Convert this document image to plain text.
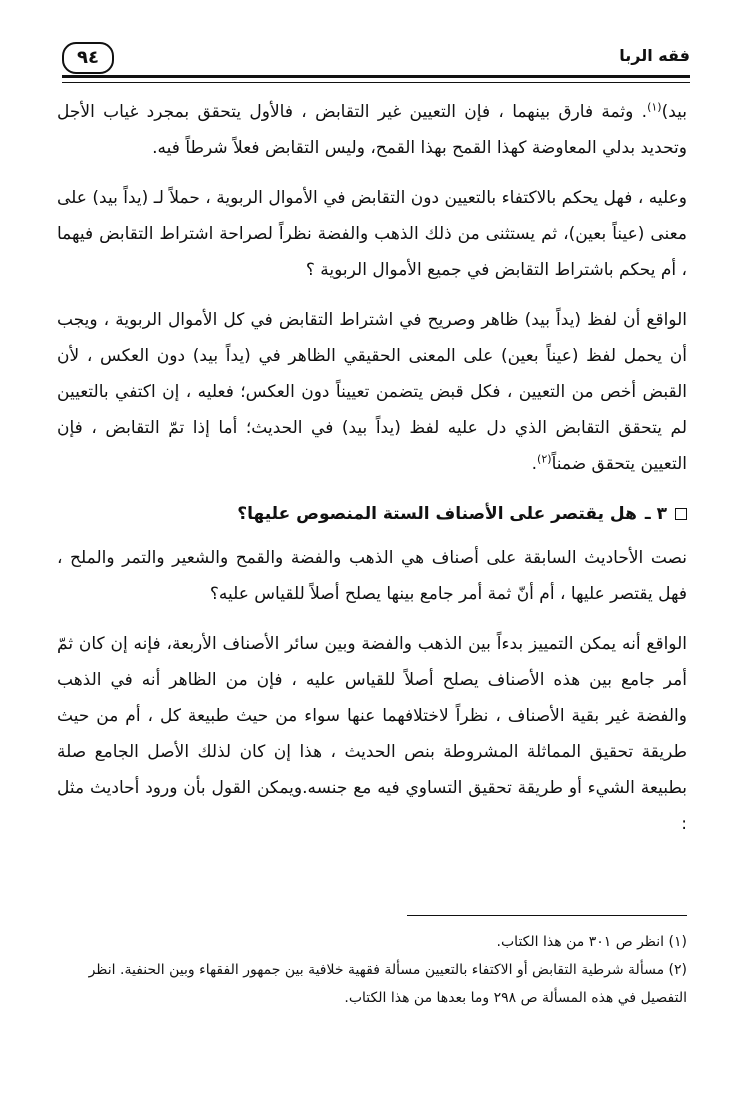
٩٤	فقه الربا

بيد)$^{(١)}$. وثمة فارق بينهما ، فإن التعيين غير التقابض ، فالأول يتحقق بمجرد غياب الأجل وتحديد بدلي المعاوضة كهذا القمح بهذا القمح، وليس التقابض فعلاً شرطاً فيه.

وعليه ، فهل يحكم بالاكتفاء بالتعيين دون التقابض في الأموال الربوية ، حملاً لـ (يداً بيد) على معنى (عيناً بعين)، ثم يستثنى من ذلك الذهب والفضة نظراً لصراحة اشتراط التقابض فيهما ، أم يحكم باشتراط التقابض في جميع الأموال الربوية ؟

الواقع أن لفظ (يداً بيد) ظاهر وصريح في اشتراط التقابض في كل الأموال الربوية ، ويجب أن يحمل لفظ (عيناً بعين) على المعنى الحقيقي الظاهر في (يداً بيد) دون العكس ، لأن القبض أخص من التعيين ، فكل قبض يتضمن تعييناً دون العكس؛ فعليه ، إن اكتفي بالتعيين لم يتحقق التقابض الذي دل عليه لفظ (يداً بيد) في الحديث؛ أما إذا تمّ التقابض ، فإن التعيين يتحقق ضمناً$^{(٢)}$.

٣ ـ
هل يقتصر على الأصناف الستة المنصوص عليها؟

نصت الأحاديث السابقة على أصناف هي الذهب والفضة والقمح والشعير والتمر والملح ، فهل يقتصر عليها ، أم أنّ ثمة أمر جامع بينها يصلح أصلاً للقياس عليه؟

الواقع أنه يمكن التمييز بدءاً بين الذهب والفضة وبين سائر الأصناف الأربعة، فإنه إن كان ثمّ أمر جامع بين هذه الأصناف يصلح أصلاً للقياس عليه ، فإن من الظاهر أنه في الذهب والفضة غير بقية الأصناف ، نظراً لاختلافهما عنها سواء من حيث طبيعة كل ، أم من حيث طريقة تحقيق المماثلة المشروطة بنص الحديث ، هذا إن كان لذلك الأصل الجامع صلة بطبيعة الشيء أو طريقة تحقيق التساوي فيه مع جنسه.ويمكن القول بأن ورود أحاديث مثل :

(١) انظر ص ٣٠١ من هذا الكتاب.

(٢) مسألة شرطية التقابض أو الاكتفاء بالتعيين مسألة فقهية خلافية بين جمهور الفقهاء وبين الحنفية. انظر التفصيل في هذه المسألة ص ٢٩٨ وما بعدها من هذا الكتاب.
